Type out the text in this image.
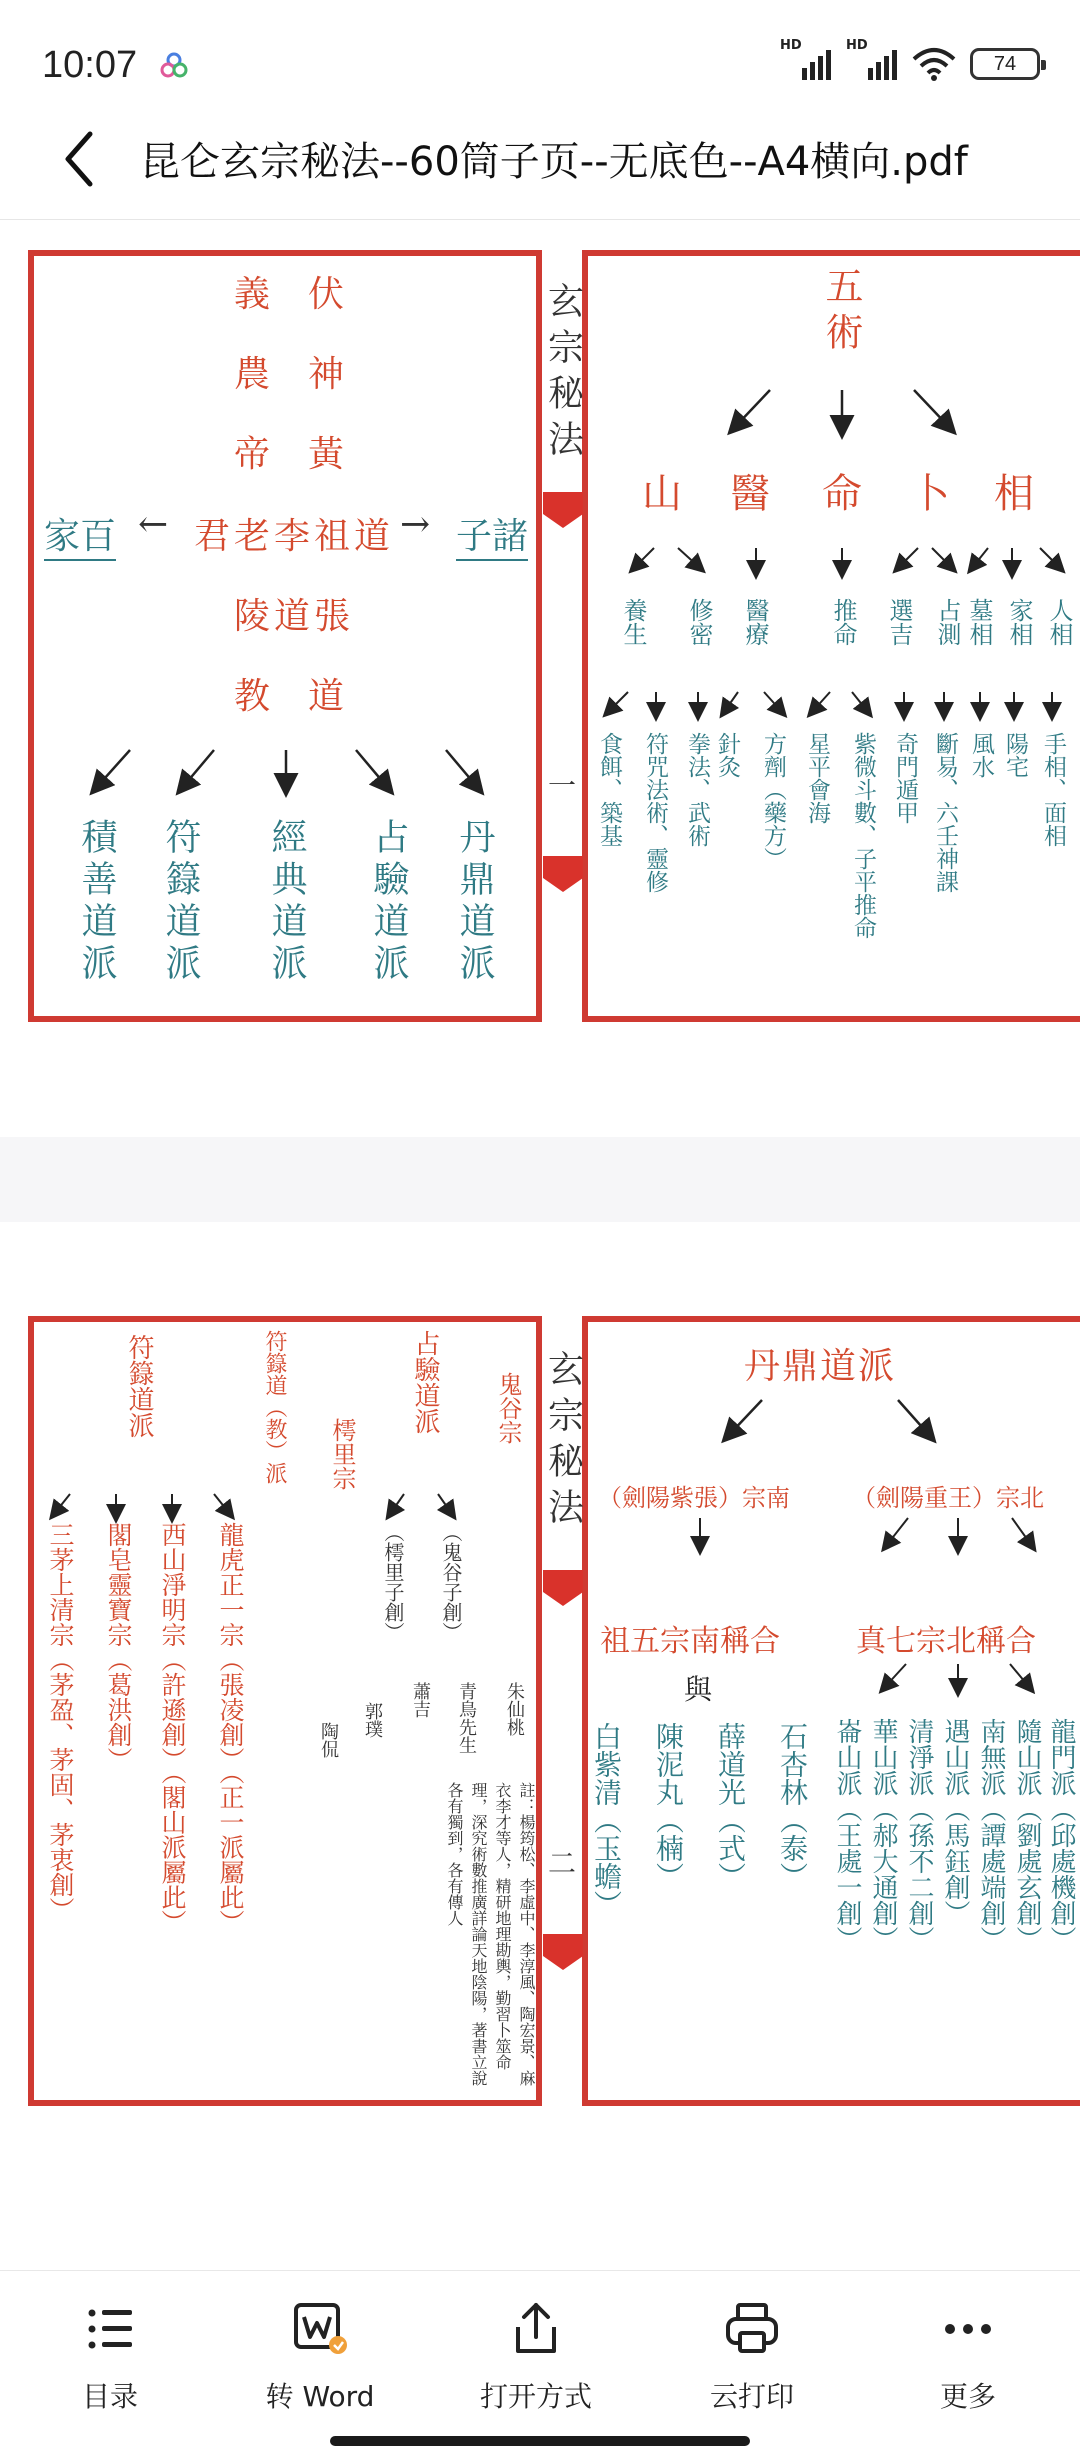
10:07	HD	HD
74
昆仑玄宗秘法--60筒子页--无底色--A4横向.pdf
玄宗秘法
一
義 伏
農 神
帝 黃
家百 ← 君老李祖道 → 子諸
陵道張
教 道
積善道派 符籙道派 經典道派 占驗道派 丹鼎道派
五術
山 醫 命 卜 相
養生 修密 醫療	推命 選吉 占測 墓相 家相 人相
食餌、築基 符咒法術、靈修 拳法、武術 針灸 方劑（藥方） 星平會海 紫微斗數、子平推命 奇門遁甲 斷易、六壬神課 風水 陽宅 手相、面相
玄宗秘法
二
符籙道派	符籙道（教）派	占驗道派
三茅上清宗（茅盈、茅固、茅衷創） 閣皂靈寶宗（葛洪創） 西山淨明宗（許遜創）（閣山派屬此） 龍虎正一宗（張凌創）（正一派屬此）
樗里宗
（樗里子創）
鬼谷宗
（鬼谷子創）
陶侃
郭璞
蕭吉 青鳥先生 朱仙桃
註：楊筠松、李虛中、李淳風、陶宏景、麻衣李才等人，精研地理勘輿，勤習卜筮命理，深究術數推廣詳論天地陰陽，著書立說各有獨到，各有傳人
丹鼎道派
（劍陽紫張）宗南	（劍陽重王）宗北
祖五宗南稱合
與
真七宗北稱合
白紫清（玉蟾） 陳泥丸（楠） 薛道光（式） 石杏林（泰） 崙山派（王處一創） 華山派（郝大通創） 清淨派（孫不二創） 遇山派（馬鈺創） 南無派（譚處端創） 隨山派（劉處玄創） 龍門派（邱處機創）
目录	转 Word	打开方式	云打印	更多
